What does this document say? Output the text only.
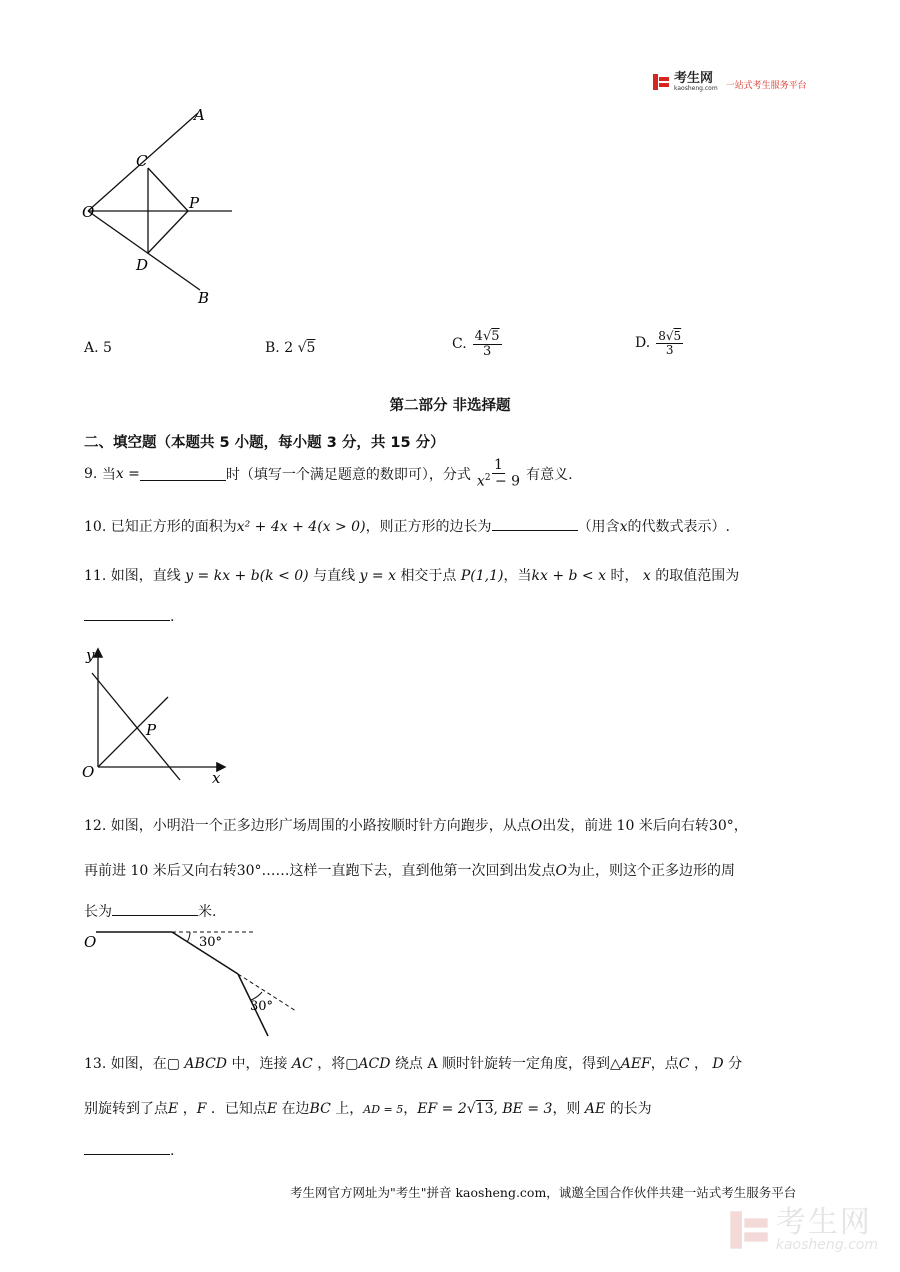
考生网
kaosheng.com 一站式考生服务平台
A
C
O	P
D
B
A. 5	B. 2 √5	C. $\frac{4√5}{3}$	D. $\frac{8√5}{3}$
第二部分 非选择题
二、填空题（本题共 5 小题，每小题 3 分，共 15 分）
9.
当 x
=	时（填写一个满足题意的数即可），分式 $\frac{1}{x^2 - 9}$ 有意义.
10. 已知正方形的面积为x² + 4x + 4(x > 0)，则正方形的边长为	（用含x的代数式表示）.
11. 如图，直线 y = kx + b(k < 0) 与直线 y = x 相交于点 P(1,1)，当kx + b < x 时， x 的取值范围为
.
y
x
O
P
12. 如图，小明沿一个正多边形广场周围的小路按顺时针方向跑步，从点O出发，前进 10 米后向右转30°，
再前进 10 米后又向右转30°……这样一直跑下去，直到他第一次回到出发点O为止，则这个正多边形的周
长为	米.
O	30°
30°
13. 如图，在▢ ABCD 中，连接 AC ，将▢ACD 绕点 A 顺时针旋转一定角度，得到△AEF，点C ， D 分
别旋转到了点E ，F ．已知点E 在边BC 上，AD = 5，EF = 2√13, BE = 3，则 AE 的长为
.
考生网官方网址为"考生"拼音 kaosheng.com，诚邀全国合作伙伴共建一站式考生服务平台
考生网
kaosheng.com
